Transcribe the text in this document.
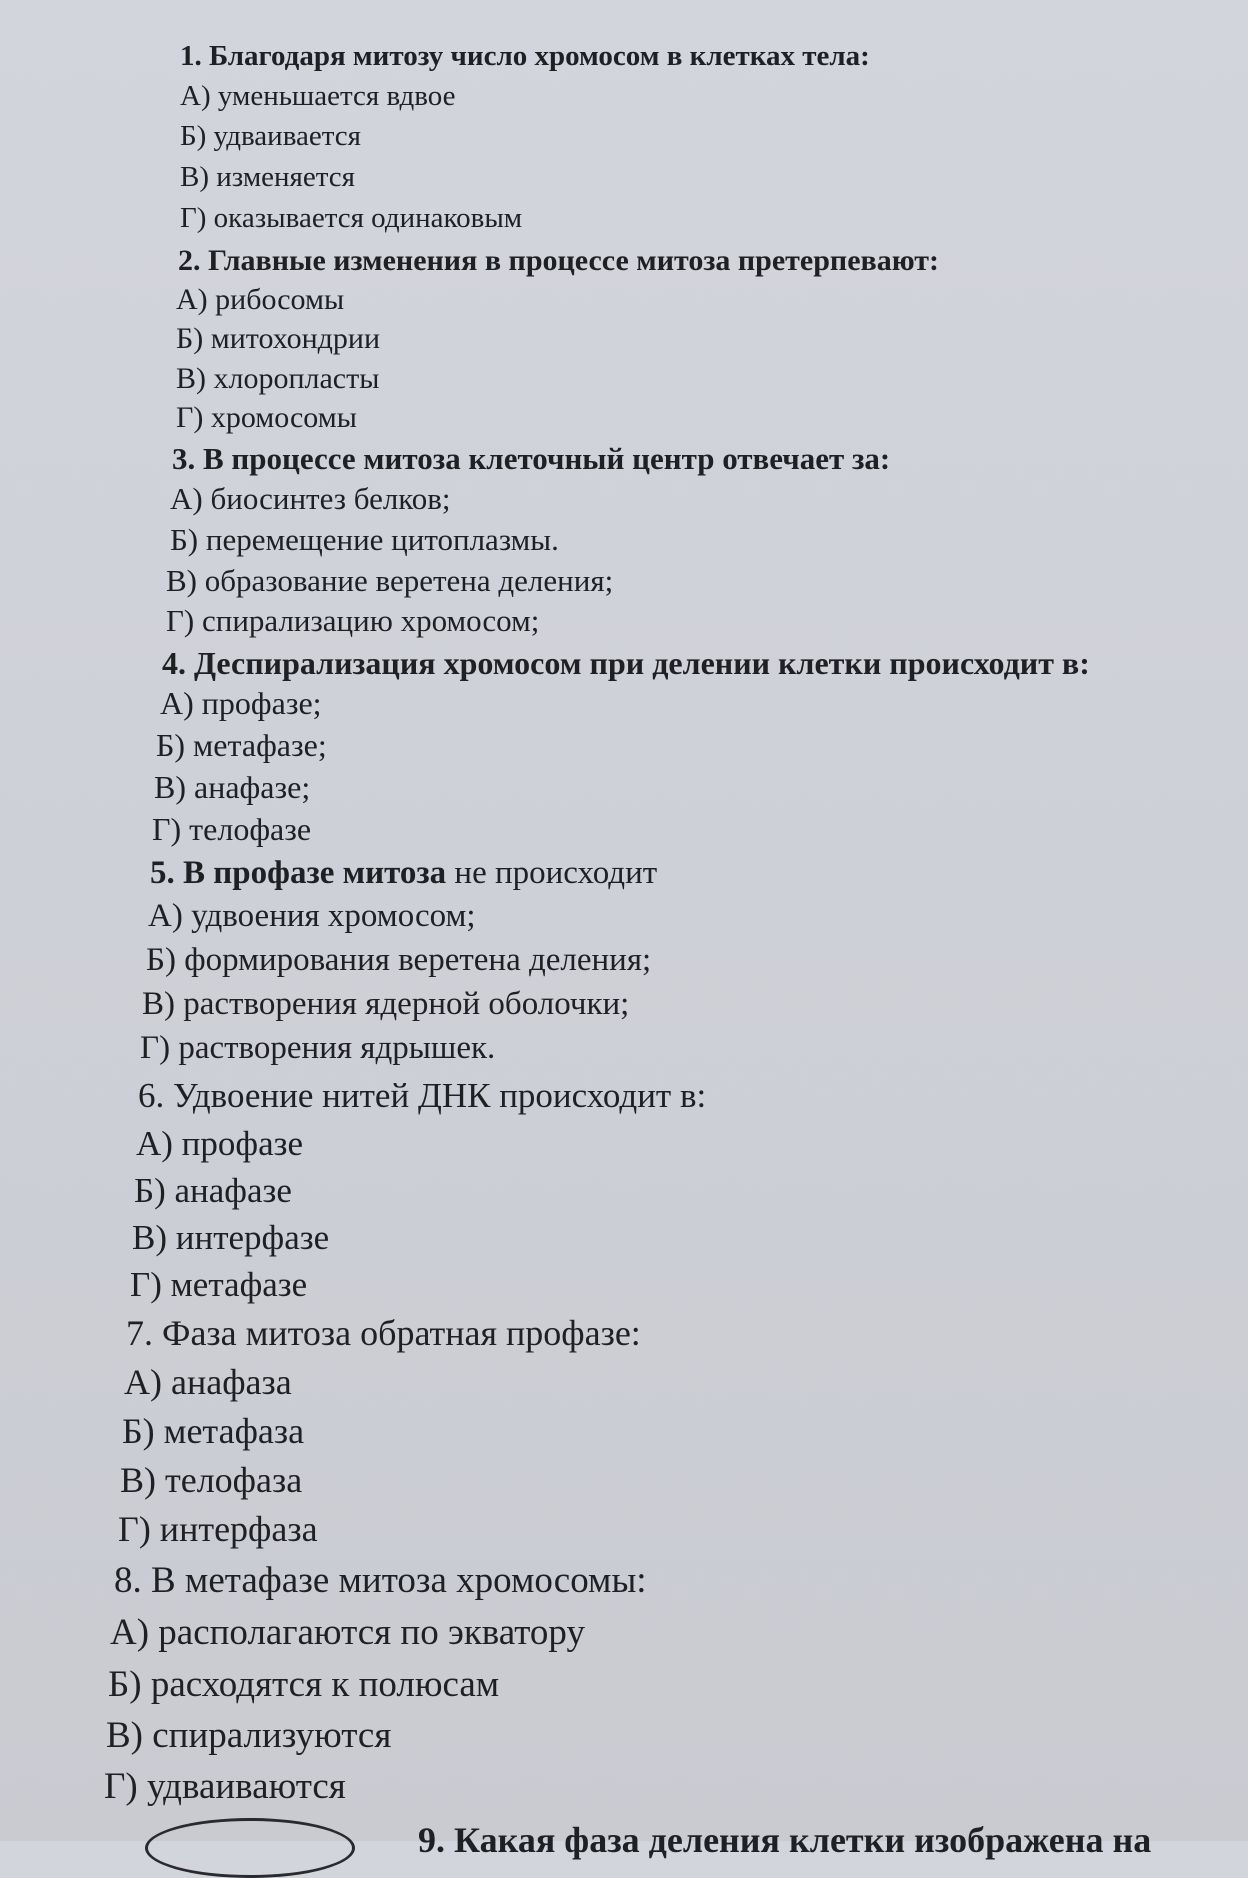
1. Благодаря митозу число хромосом в клетках тела:
А) уменьшается вдвое
Б) удваивается
В) изменяется
Г) оказывается одинаковым
2. Главные изменения в процессе митоза претерпевают:
А) рибосомы
Б) митохондрии
В) хлоропласты
Г) хромосомы
3. В процессе митоза клеточный центр отвечает за:
А) биосинтез белков;
Б) перемещение цитоплазмы.
В) образование веретена деления;
Г) спирализацию хромосом;
4. Деспирализация хромосом при делении клетки происходит в:
А) профазе;
Б) метафазе;
В) анафазе;
Г) телофазе
5. В профазе митоза не происходит
А) удвоения хромосом;
Б) формирования веретена деления;
В) растворения ядерной оболочки;
Г) растворения ядрышек.
6. Удвоение нитей ДНК происходит в:
А) профазе
Б) анафазе
В) интерфазе
Г) метафазе
7. Фаза митоза обратная профазе:
А) анафаза
Б) метафаза
В) телофаза
Г) интерфаза
8. В метафазе митоза хромосомы:
А) располагаются по экватору
Б) расходятся к полюсам
В) спирализуются
Г) удваиваются
9. Какая фаза деления клетки изображена на
